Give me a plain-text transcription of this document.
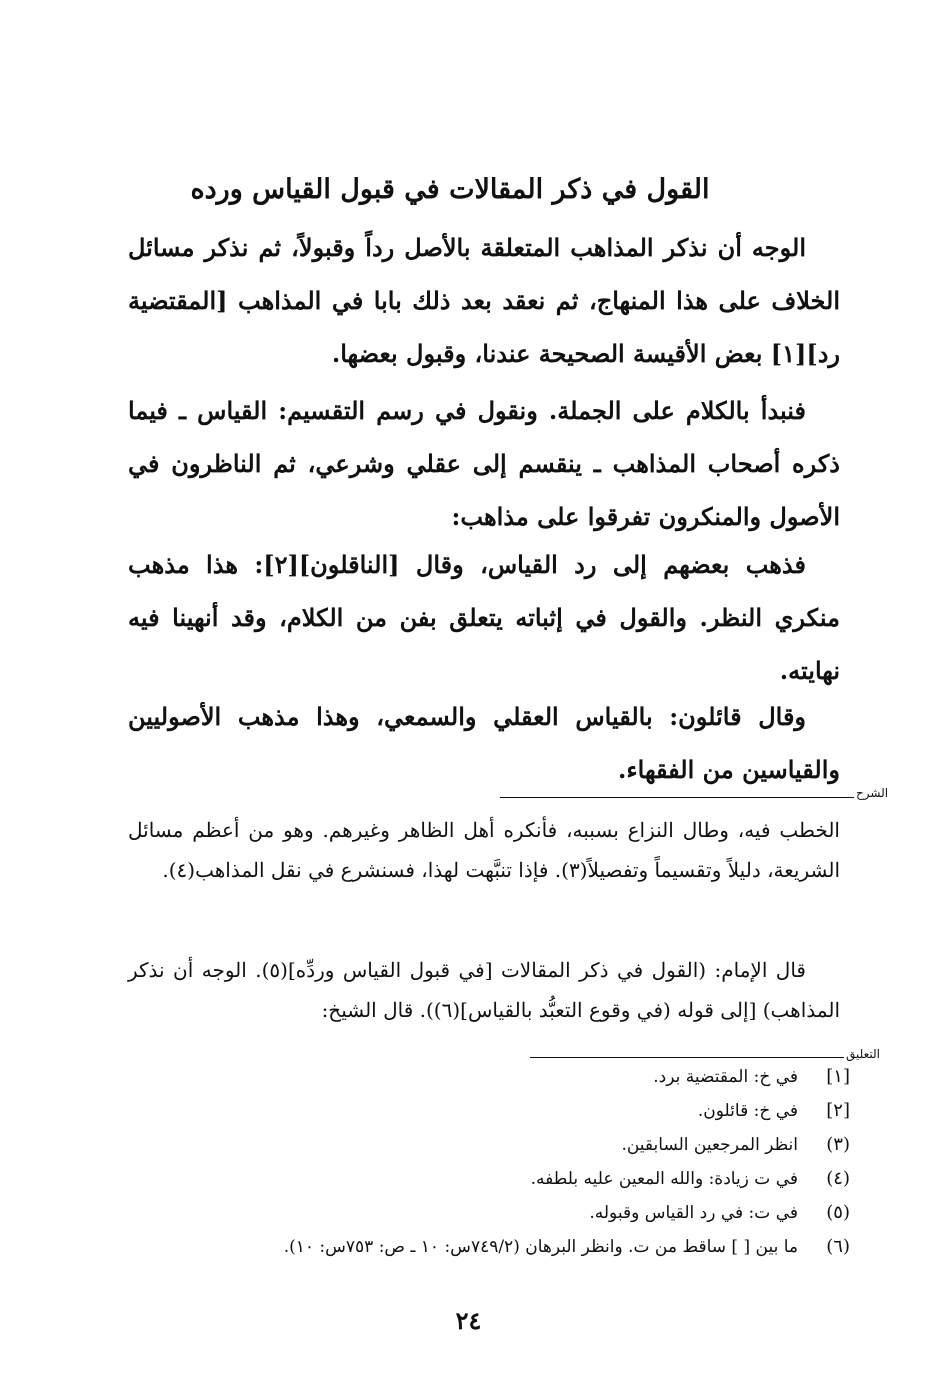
القول في ذكر المقالات في قبول القياس ورده
الوجه أن نذكر المذاهب المتعلقة بالأصل رداً وقبولاً، ثم نذكر مسائل الخلاف على هذا المنهاج، ثم نعقد بعد ذلك بابا في المذاهب [المقتضية رد][١] بعض الأقيسة الصحيحة عندنا، وقبول بعضها.
فنبدأ بالكلام على الجملة. ونقول في رسم التقسيم: القياس ـ فيما ذكره أصحاب المذاهب ـ ينقسم إلى عقلي وشرعي، ثم الناظرون في الأصول والمنكرون تفرقوا على مذاهب:
فذهب بعضهم إلى رد القياس، وقال [الناقلون][٢]: هذا مذهب منكري النظر. والقول في إثباته يتعلق بفن من الكلام، وقد أنهينا فيه نهايته.
وقال قائلون: بالقياس العقلي والسمعي، وهذا مذهب الأصوليين والقياسين من الفقهاء.
الشرح
الخطب فيه، وطال النزاع بسببه، فأنكره أهل الظاهر وغيرهم. وهو من أعظم مسائل الشريعة، دليلاً وتقسيماً وتفصيلاً(٣). فإذا تنبَّهت لهذا، فسنشرع في نقل المذاهب(٤).
قال الإمام: (القول في ذكر المقالات [في قبول القياس وردِّه](٥). الوجه أن نذكر المذاهب) [إلى قوله (في وقوع التعبُّد بالقياس](٦)). قال الشيخ:
التعليق
[١]
في خ: المقتضية برد.
[٢]
في خ: قائلون.
(٣)
انظر المرجعين السابقين.
(٤)
في ت زيادة: والله المعين عليه بلطفه.
(٥)
في ت: في رد القياس وقبوله.
(٦)
ما بين [ ] ساقط من ت. وانظر البرهان (٧٤٩/٢س: ١٠ ـ ص: ٧٥٣س: ١٠).
٢٤
